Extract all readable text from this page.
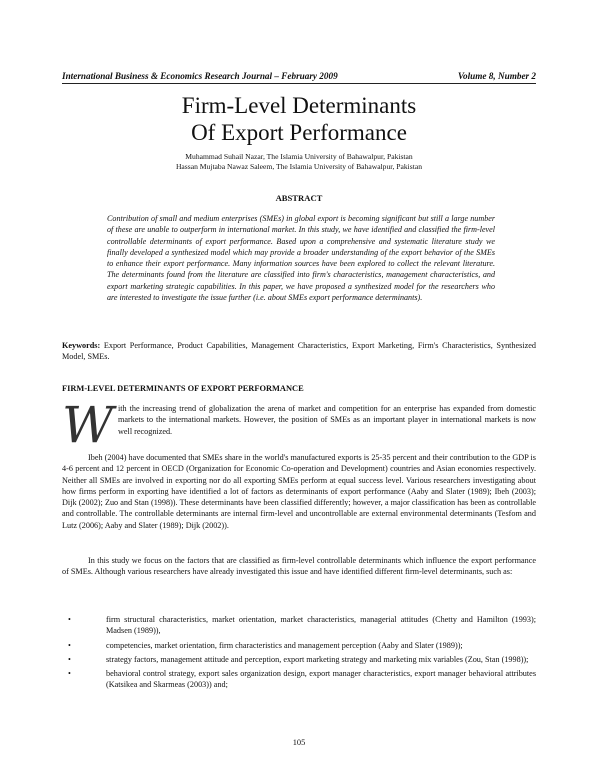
International Business & Economics Research Journal – February 2009	Volume 8, Number 2
Firm-Level Determinants
Of Export Performance
Muhammad Suhail Nazar, The Islamia University of Bahawalpur, Pakistan
Hassan Mujtaba Nawaz Saleem, The Islamia University of Bahawalpur, Pakistan
ABSTRACT
Contribution of small and medium enterprises (SMEs) in global export is becoming significant but still a large number of these are unable to outperform in international market. In this study, we have identified and classified the firm-level controllable determinants of export performance. Based upon a comprehensive and systematic literature study we finally developed a synthesized model which may provide a broader understanding of the export behavior of the SMEs to enhance their export performance. Many information sources have been explored to collect the relevant literature. The determinants found from the literature are classified into firm's characteristics, management characteristics, and export marketing strategic capabilities. In this paper, we have proposed a synthesized model for the researchers who are interested to investigate the issue further (i.e. about SMEs export performance determinants).
Keywords: Export Performance, Product Capabilities, Management Characteristics, Export Marketing, Firm's Characteristics, Synthesized Model, SMEs.
FIRM-LEVEL DETERMINANTS OF EXPORT PERFORMANCE
W ith the increasing trend of globalization the arena of market and competition for an enterprise has expanded from domestic markets to the international markets. However, the position of SMEs as an important player in international markets is now well recognized.
Ibeh (2004) have documented that SMEs share in the world's manufactured exports is 25-35 percent and their contribution to the GDP is 4-6 percent and 12 percent in OECD (Organization for Economic Co-operation and Development) countries and Asian economies respectively. Neither all SMEs are involved in exporting nor do all exporting SMEs perform at equal success level. Various researchers investigating about how firms perform in exporting have identified a lot of factors as determinants of export performance (Aaby and Slater (1989); Ibeh (2003); Dijk (2002); Zuo and Stan (1998)). These determinants have been classified differently; however, a major classification has been as controllable and controllable. The controllable determinants are internal firm-level and uncontrollable are external environmental determinants (Tesfom and Lutz (2006); Aaby and Slater (1989); Dijk (2002)).
In this study we focus on the factors that are classified as firm-level controllable determinants which influence the export performance of SMEs. Although various researchers have already investigated this issue and have identified different firm-level determinants, such as:
•	firm structural characteristics, market orientation, market characteristics, managerial attitudes (Chetty and Hamilton (1993); Madsen (1989)),
•	competencies, market orientation, firm characteristics and management perception (Aaby and Slater (1989));
•	strategy factors, management attitude and perception, export marketing strategy and marketing mix variables (Zou, Stan (1998));
•	behavioral control strategy, export sales organization design, export manager characteristics, export manager behavioral attributes (Katsikea and Skarmeas (2003)) and;
105
